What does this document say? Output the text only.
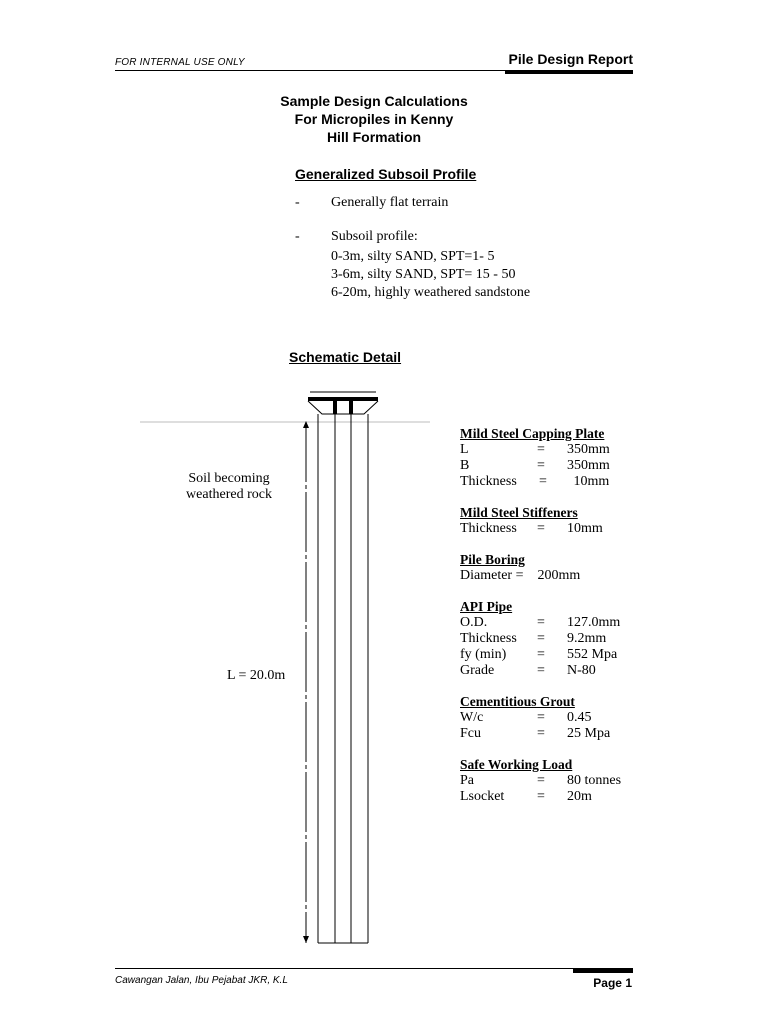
FOR INTERNAL USE ONLY	Pile Design Report
Sample Design Calculations
For Micropiles in Kenny
Hill Formation
Generalized Subsoil Profile
- Generally flat terrain
- Subsoil profile:
0-3m, silty SAND, SPT=1- 5
3-6m, silty SAND, SPT= 15 - 50
6-20m, highly weathered sandstone
Schematic Detail
Soil becoming
weathered rock
L = 20.0m
Mild Steel Capping Plate
L	= 350mm
B	= 350mm
Thickness = 10mm
Mild Steel Stiffeners
Thickness = 10mm
Pile Boring
Diameter =    200mm
API Pipe
O.D.	= 127.0mm
Thickness = 9.2mm
fy (min) = 552 Mpa
Grade	= N-80
Cementitious Grout
W/c	= 0.45
Fcu	= 25 Mpa
Safe Working Load
Pa	= 80 tonnes
Lsocket = 20m
Cawangan Jalan, Ibu Pejabat JKR, K.L	Page 1
